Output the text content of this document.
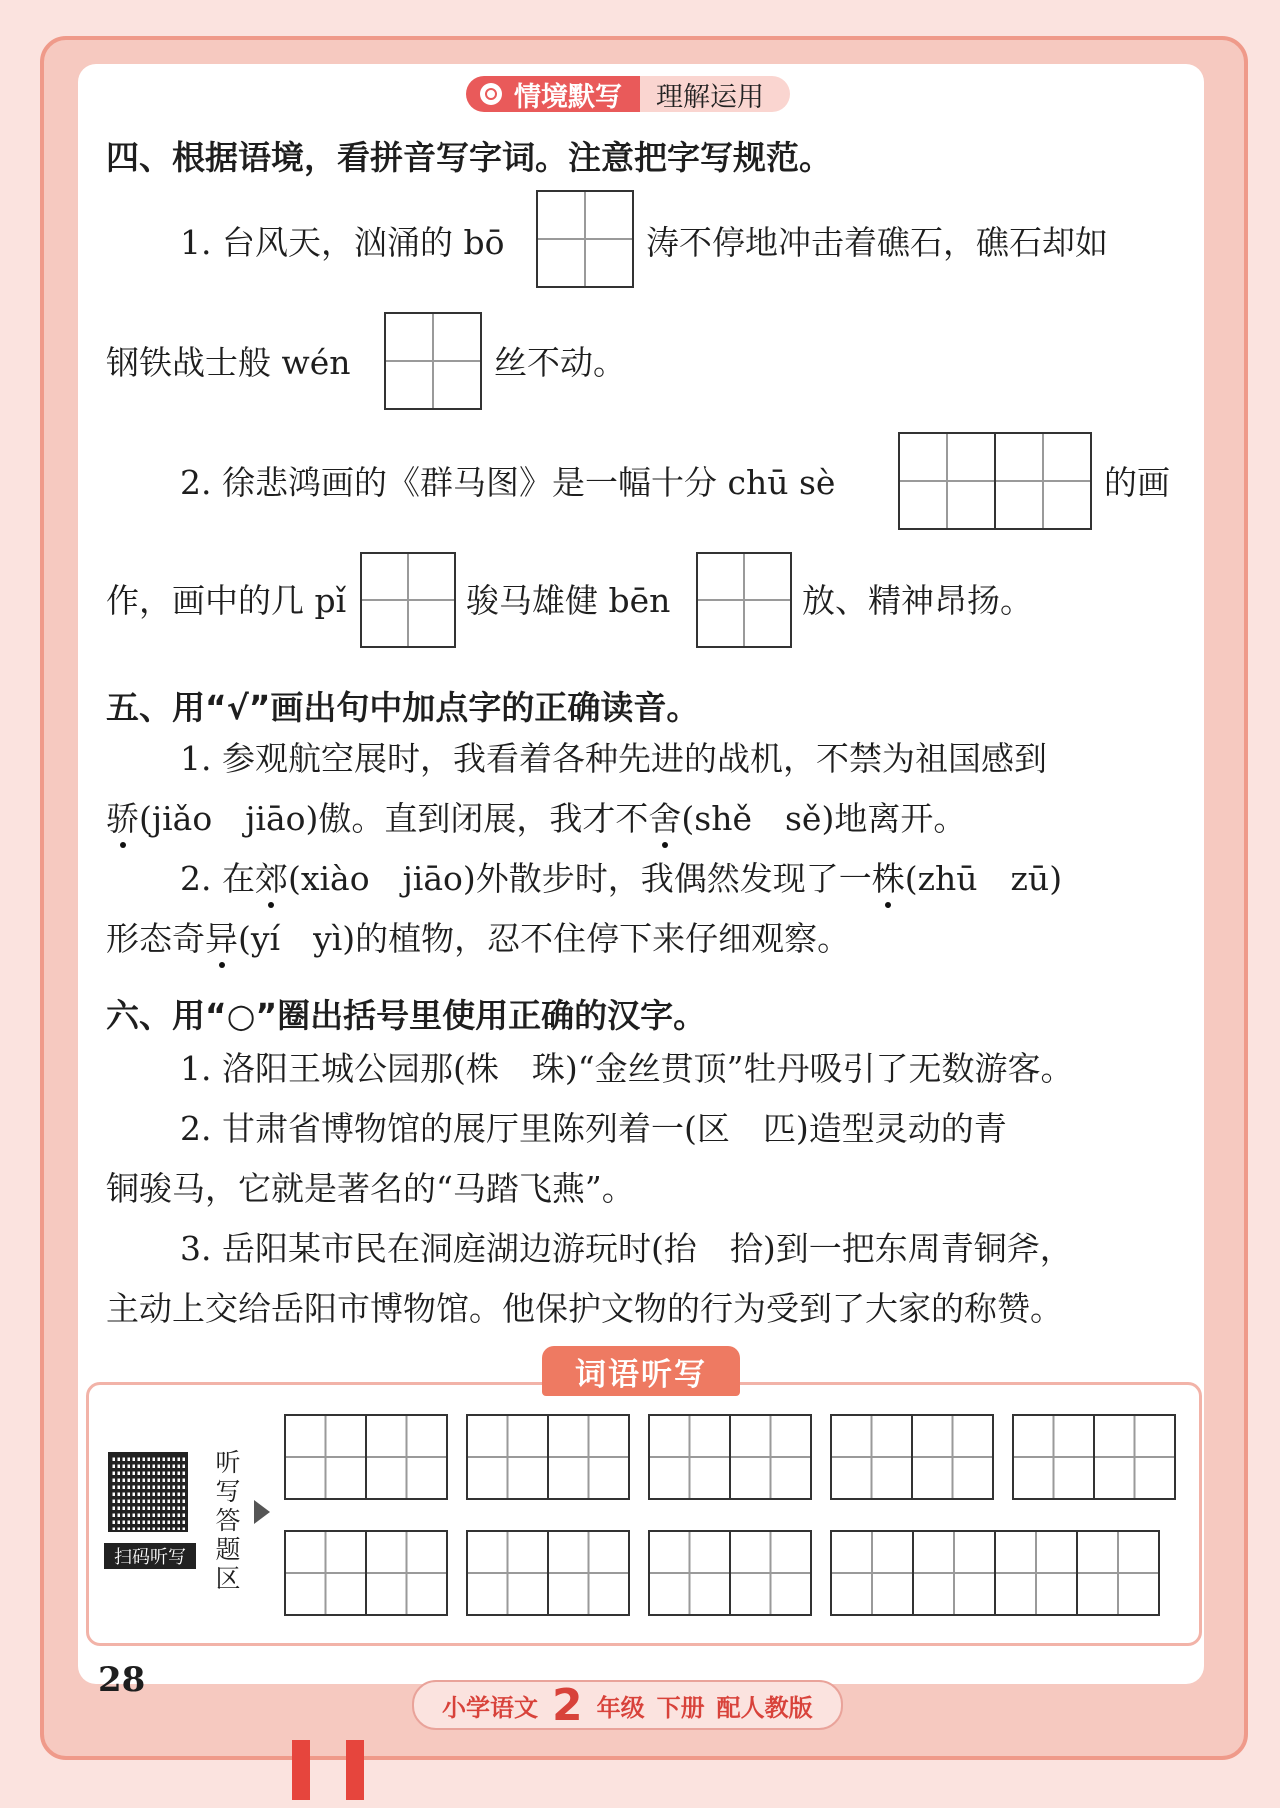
情境默写	理解运用
四、根据语境，看拼音写字词。注意把字写规范。
1. 台风天，汹涌的 bō	涛不停地冲击着礁石，礁石却如
钢铁战士般 wén	丝不动。
2. 徐悲鸿画的《群马图》是一幅十分 chū sè	的画
作，画中的几 pǐ	骏马雄健 bēn	放、精神昂扬。
五、用“√”画出句中加点字的正确读音。
1. 参观航空展时，我看着各种先进的战机，不禁为祖国感到
骄(jiǎo　jiāo)傲。直到闭展，我才不舍(shě　sě)地离开。
2. 在郊(xiào　jiāo)外散步时，我偶然发现了一株(zhū　zū)
形态奇异(yí　yì)的植物，忍不住停下来仔细观察。
六、用“○”圈出括号里使用正确的汉字。
1. 洛阳王城公园那(株　珠)“金丝贯顶”牡丹吸引了无数游客。
2. 甘肃省博物馆的展厅里陈列着一(区　匹)造型灵动的青
铜骏马，它就是著名的“马踏飞燕”。
3. 岳阳某市民在洞庭湖边游玩时(抬　拾)到一把东周青铜斧，
主动上交给岳阳市博物馆。他保护文物的行为受到了大家的称赞。
词语听写
扫码听写
听写答题区
28
小学语文 2 年级 下册 配人教版
